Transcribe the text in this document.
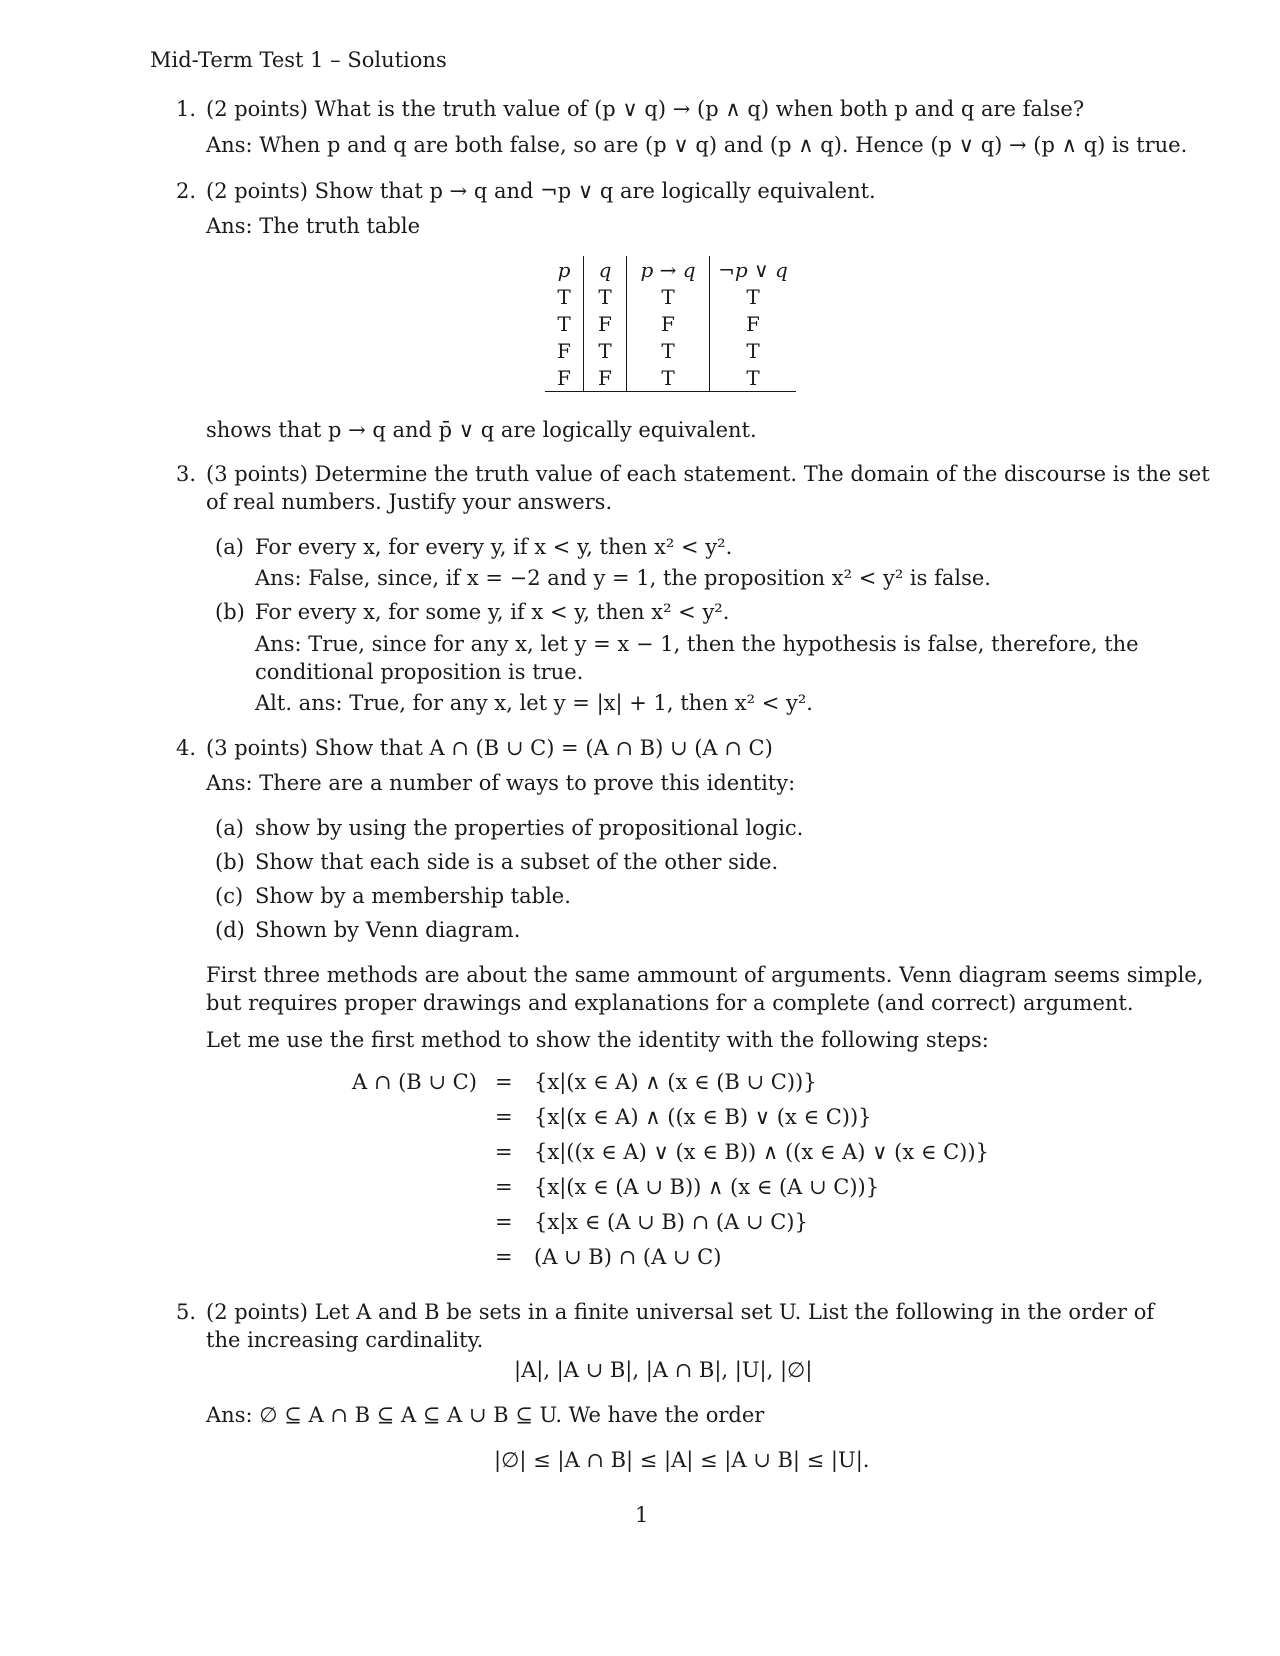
Mid-Term Test 1 – Solutions
1. (2 points) What is the truth value of (p ∨ q) → (p ∧ q) when both p and q are false?
Ans: When p and q are both false, so are (p ∨ q) and (p ∧ q). Hence (p ∨ q) → (p ∧ q) is true.
2. (2 points) Show that p → q and ¬p ∨ q are logically equivalent.
Ans: The truth table
p	q	p → q	¬p ∨ q
T	T	T	T
T	F	F	F
F	T	T	T
F	F	T	T
shows that p → q and p̄ ∨ q are logically equivalent.
3. (3 points) Determine the truth value of each statement. The domain of the discourse is the set
of real numbers. Justify your answers.
(a) For every x, for every y, if x < y, then x² < y².
Ans: False, since, if x = −2 and y = 1, the proposition x² < y² is false.
(b) For every x, for some y, if x < y, then x² < y².
Ans: True, since for any x, let y = x − 1, then the hypothesis is false, therefore, the
conditional proposition is true.
Alt. ans: True, for any x, let y = |x| + 1, then x² < y².
4. (3 points) Show that A ∩ (B ∪ C) = (A ∩ B) ∪ (A ∩ C)
Ans: There are a number of ways to prove this identity:
(a) show by using the properties of propositional logic.
(b) Show that each side is a subset of the other side.
(c) Show by a membership table.
(d) Shown by Venn diagram.
First three methods are about the same ammount of arguments. Venn diagram seems simple,
but requires proper drawings and explanations for a complete (and correct) argument.
Let me use the first method to show the identity with the following steps:
A ∩ (B ∪ C) = {x|(x ∈ A) ∧ (x ∈ (B ∪ C))}
= {x|(x ∈ A) ∧ ((x ∈ B) ∨ (x ∈ C))}
= {x|((x ∈ A) ∨ (x ∈ B)) ∧ ((x ∈ A) ∨ (x ∈ C))}
= {x|(x ∈ (A ∪ B)) ∧ (x ∈ (A ∪ C))}
= {x|x ∈ (A ∪ B) ∩ (A ∪ C)}
= (A ∪ B) ∩ (A ∪ C)
5. (2 points) Let A and B be sets in a finite universal set U. List the following in the order of
the increasing cardinality.
|A|, |A ∪ B|, |A ∩ B|, |U|, |∅|
Ans: ∅ ⊆ A ∩ B ⊆ A ⊆ A ∪ B ⊆ U. We have the order
|∅| ≤ |A ∩ B| ≤ |A| ≤ |A ∪ B| ≤ |U|.
1
